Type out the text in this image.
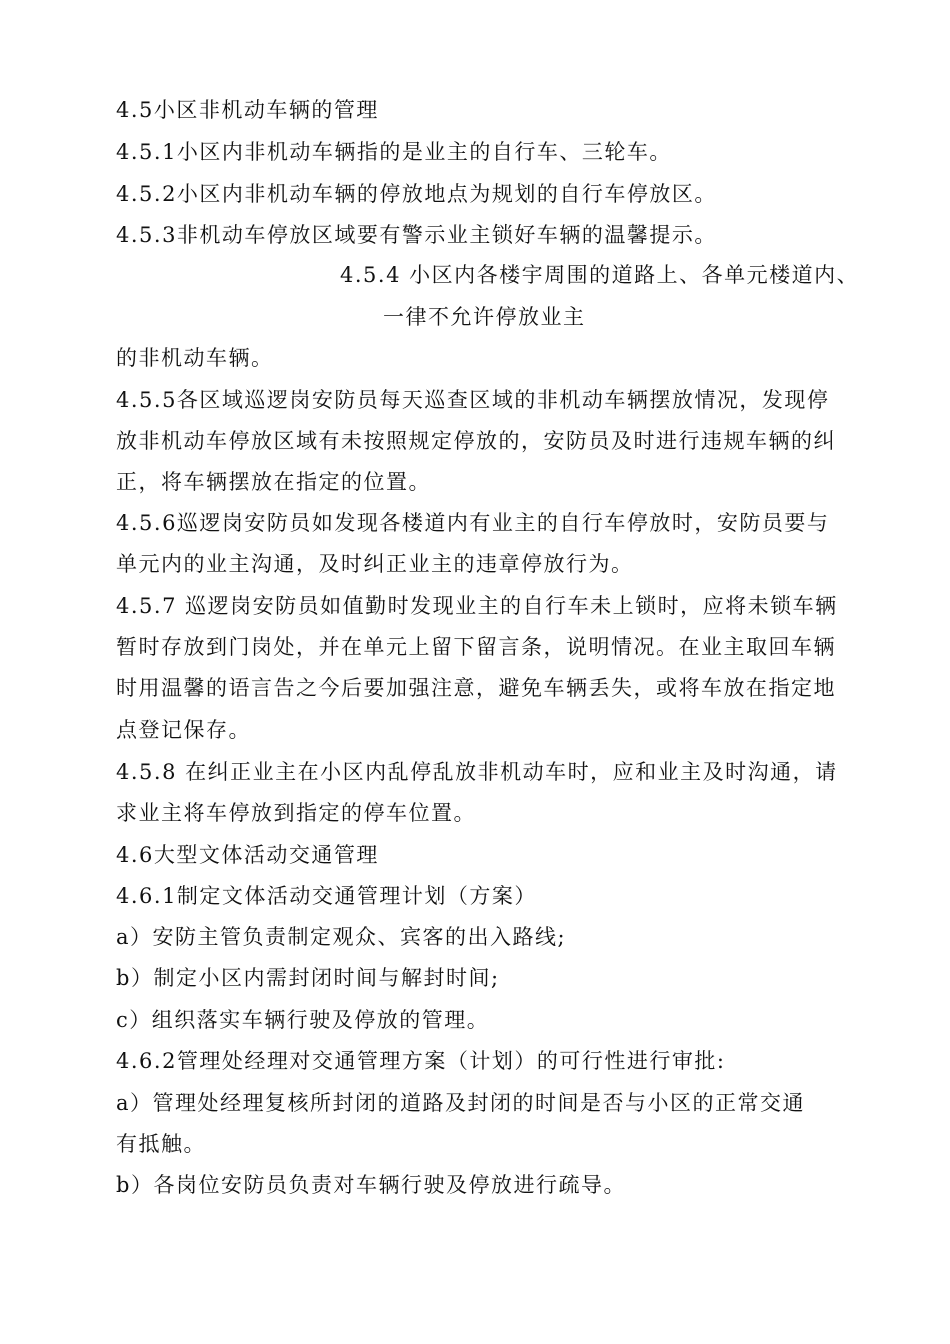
4.5小区非机动车辆的管理
4.5.1小区内非机动车辆指的是业主的自行车、三轮车。
4.5.2小区内非机动车辆的停放地点为规划的自行车停放区。
4.5.3非机动车停放区域要有警示业主锁好车辆的温馨提示。
4.5.4 小区内各楼宇周围的道路上、各单元楼道内、
一律不允许停放业主
的非机动车辆。
4.5.5各区域巡逻岗安防员每天巡查区域的非机动车辆摆放情况，发现停
放非机动车停放区域有未按照规定停放的，安防员及时进行违规车辆的纠
正，将车辆摆放在指定的位置。
4.5.6巡逻岗安防员如发现各楼道内有业主的自行车停放时，安防员要与
单元内的业主沟通，及时纠正业主的违章停放行为。
4.5.7 巡逻岗安防员如值勤时发现业主的自行车未上锁时，应将未锁车辆
暂时存放到门岗处，并在单元上留下留言条，说明情况。在业主取回车辆
时用温馨的语言告之今后要加强注意，避免车辆丢失，或将车放在指定地
点登记保存。
4.5.8 在纠正业主在小区内乱停乱放非机动车时，应和业主及时沟通，请
求业主将车停放到指定的停车位置。
4.6大型文体活动交通管理
4.6.1制定文体活动交通管理计划（方案）
a）安防主管负责制定观众、宾客的出入路线;
b）制定小区内需封闭时间与解封时间;
c）组织落实车辆行驶及停放的管理。
4.6.2管理处经理对交通管理方案（计划）的可行性进行审批:
a）管理处经理复核所封闭的道路及封闭的时间是否与小区的正常交通
有抵触。
b）各岗位安防员负责对车辆行驶及停放进行疏导。
